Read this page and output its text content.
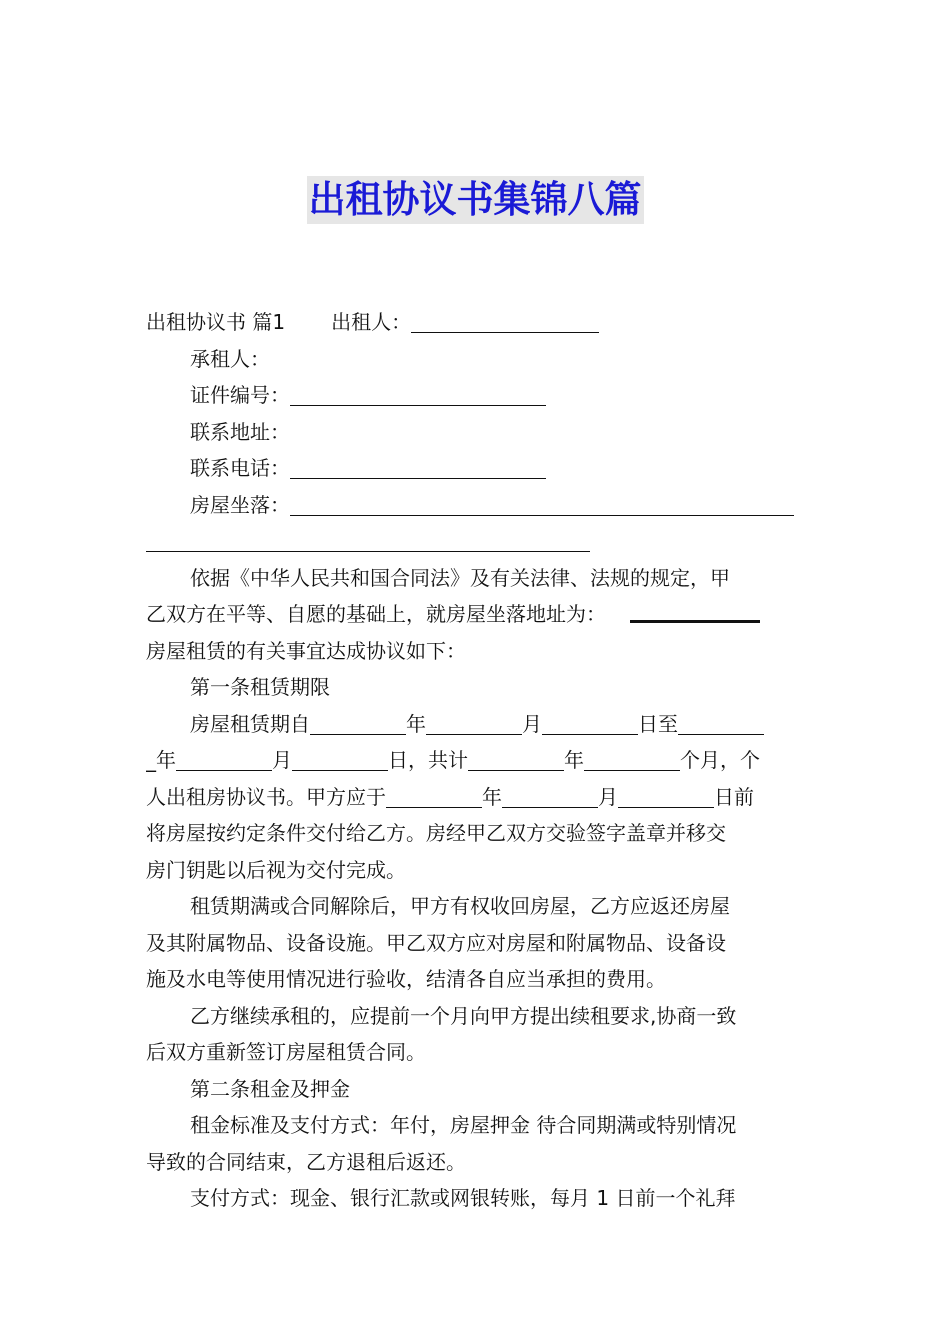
出租协议书集锦八篇
出租协议书 篇1 出租人：
承租人：
证件编号：
联系地址：
联系电话：
房屋坐落：
依据《中华人民共和国合同法》及有关法律、法规的规定，甲
乙双方在平等、自愿的基础上，就房屋坐落地址为：
房屋租赁的有关事宜达成协议如下：
第一条租赁期限
房屋租赁期自	年	月	日至
_年	月	日，共计	年	个月，个
人出租房协议书。甲方应于	年	月	日前
将房屋按约定条件交付给乙方。房经甲乙双方交验签字盖章并移交
房门钥匙以后视为交付完成。
租赁期满或合同解除后，甲方有权收回房屋，乙方应返还房屋
及其附属物品、设备设施。甲乙双方应对房屋和附属物品、设备设
施及水电等使用情况进行验收，结清各自应当承担的费用。
乙方继续承租的，应提前一个月向甲方提出续租要求,协商一致
后双方重新签订房屋租赁合同。
第二条租金及押金
租金标准及支付方式：年付，房屋押金 待合同期满或特别情况
导致的合同结束，乙方退租后返还。
支付方式：现金、银行汇款或网银转账，每月 1 日前一个礼拜
